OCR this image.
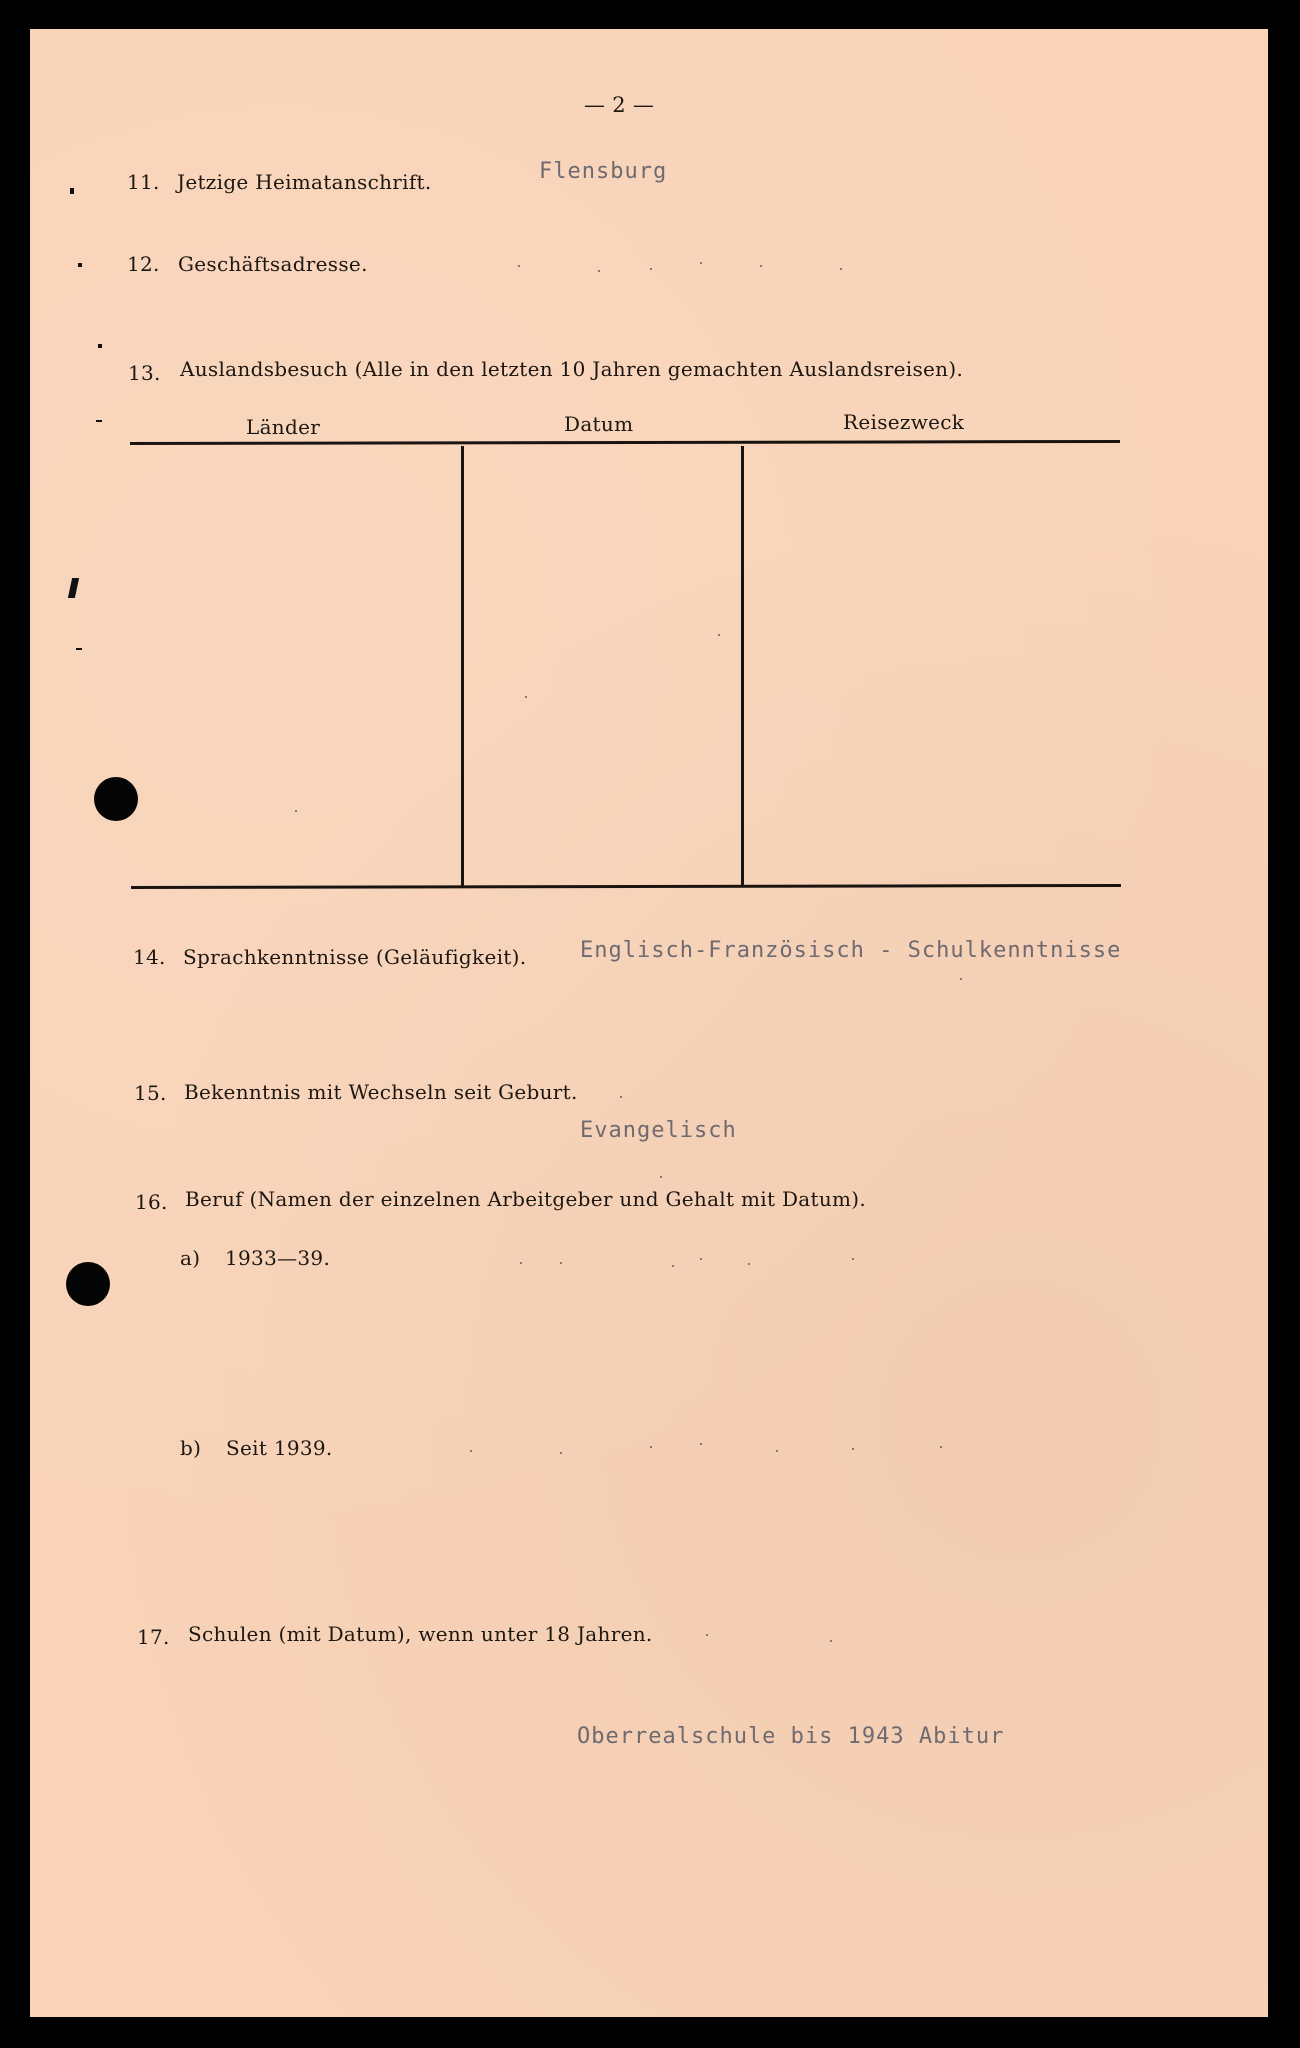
— 2 —
11. Jetzige Heimatanschrift.	Flensburg
12. Geschäftsadresse.
13. Auslandsbesuch (Alle in den letzten 10 Jahren gemachten Auslandsreisen).
Länder	Datum	Reisezweck
14. Sprachkenntnisse (Geläufigkeit). Englisch-Französisch - Schulkenntnisse
15. Bekenntnis mit Wechseln seit Geburt.
Evangelisch
16. Beruf (Namen der einzelnen Arbeitgeber und Gehalt mit Datum).
a) 1933—39.
b) Seit 1939.
17. Schulen (mit Datum), wenn unter 18 Jahren.
Oberrealschule bis 1943 Abitur
